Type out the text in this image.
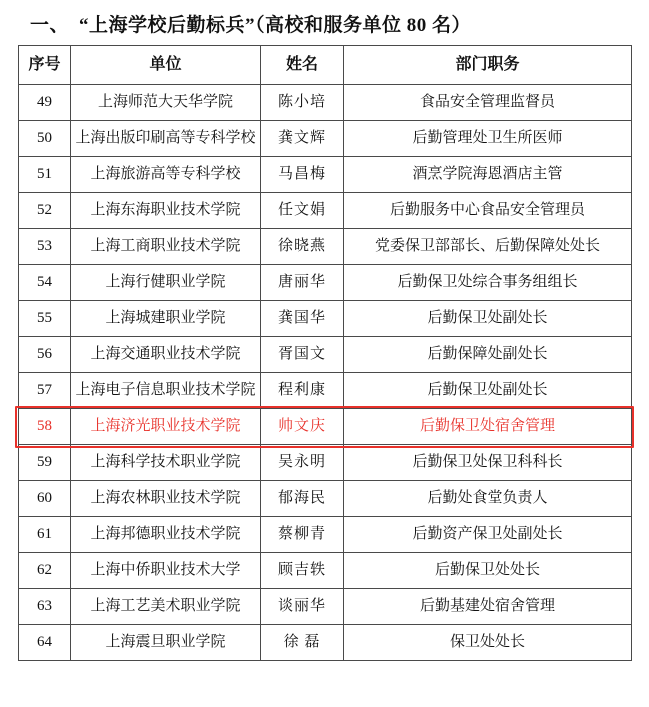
一、 “上海学校后勤标兵”（高校和服务单位 80 名）
序号	单位	姓名	部门职务
49	上海师范大天华学院	陈小培	食品安全管理监督员
50	上海出版印刷高等专科学校	龚文辉	后勤管理处卫生所医师
51	上海旅游高等专科学校	马昌梅	酒烹学院海恩酒店主管
52	上海东海职业技术学院	任文娟	后勤服务中心食品安全管理员
53	上海工商职业技术学院	徐晓燕	党委保卫部部长、后勤保障处处长
54	上海行健职业学院	唐丽华	后勤保卫处综合事务组组长
55	上海城建职业学院	龚国华	后勤保卫处副处长
56	上海交通职业技术学院	胥国文	后勤保障处副处长
57	上海电子信息职业技术学院	程利康	后勤保卫处副处长
58	上海济光职业技术学院	帅文庆	后勤保卫处宿舍管理
59	上海科学技术职业学院	吴永明	后勤保卫处保卫科科长
60	上海农林职业技术学院	郁海民	后勤处食堂负责人
61	上海邦德职业技术学院	蔡柳青	后勤资产保卫处副处长
62	上海中侨职业技术大学	顾吉轶	后勤保卫处处长
63	上海工艺美术职业学院	谈丽华	后勤基建处宿舍管理
64	上海震旦职业学院	徐 磊	保卫处处长
